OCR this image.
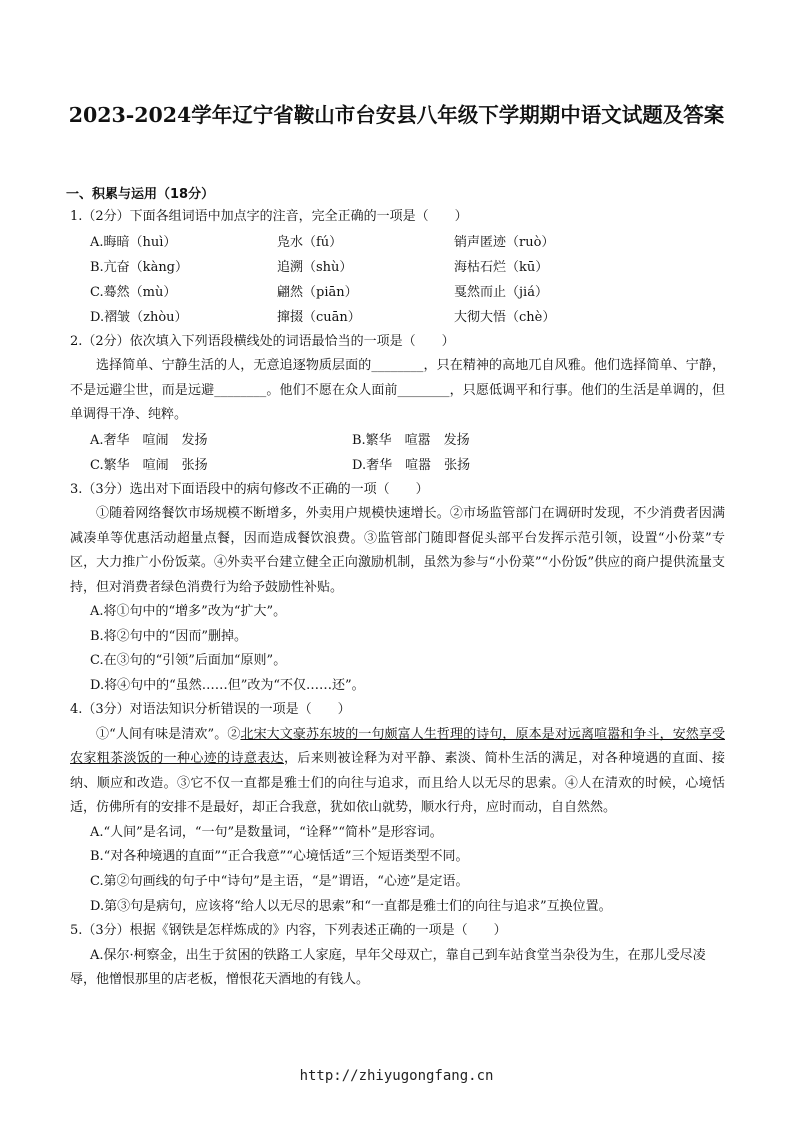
2023-2024学年辽宁省鞍山市台安县八年级下学期期中语文试题及答案
一、积累与运用（18分）

1.（2分）下面各组词语中加点字的注音，完全正确的一项是（　　）

A.晦暗（huì）	凫水（fú）	销声匿迹（ruò）
B.亢奋（kàng）	追溯（shù）	海枯石烂（kū）
C.蓦然（mù）	翩然（piān）	戛然而止（jiá）
D.褶皱（zhòu）	撺掇（cuān）	大彻大悟（chè）

2.（2分）依次填入下列语段横线处的词语最恰当的一项是（　　）

选择简单、宁静生活的人，无意追逐物质层面的________，只在精神的高地兀自风雅。他们选择简单、宁静，不是远避尘世，而是远避________。他们不愿在众人面前________，只愿低调平和行事。他们的生活是单调的，但单调得干净、纯粹。

A.奢华　喧闹　发扬	B.繁华　喧嚣　发扬
C.繁华　喧闹　张扬	D.奢华　喧嚣　张扬

3.（3分）选出对下面语段中的病句修改不正确的一项（　　）

①随着网络餐饮市场规模不断增多，外卖用户规模快速增长。②市场监管部门在调研时发现，不少消费者因满减凑单等优惠活动超量点餐，因而造成餐饮浪费。③监管部门随即督促头部平台发挥示范引领，设置“小份菜”专区，大力推广小份饭菜。④外卖平台建立健全正向激励机制，虽然为参与“小份菜”“小份饭”供应的商户提供流量支持，但对消费者绿色消费行为给予鼓励性补贴。

A.将①句中的“增多”改为“扩大”。

B.将②句中的“因而”删掉。

C.在③句的“引领”后面加“原则”。

D.将④句中的“虽然……但”改为“不仅……还”。

4.（3分）对语法知识分析错误的一项是（　　）

①“人间有味是清欢”。②北宋大文豪苏东坡的一句颇富人生哲理的诗句，原本是对远离喧嚣和争斗，安然享受农家粗茶淡饭的一种心迹的诗意表达，后来则被诠释为对平静、素淡、简朴生活的满足，对各种境遇的直面、接纳、顺应和改造。③它不仅一直都是雅士们的向往与追求，而且给人以无尽的思索。④人在清欢的时候，心境恬适，仿佛所有的安排不是最好，却正合我意，犹如依山就势，顺水行舟，应时而动，自自然然。

A.“人间”是名词，“一句”是数量词，“诠释”“简朴”是形容词。

B.“对各种境遇的直面”“正合我意”“心境恬适”三个短语类型不同。

C.第②句画线的句子中“诗句”是主语，“是”谓语，“心迹”是定语。

D.第③句是病句，应该将“给人以无尽的思索”和“一直都是雅士们的向往与追求”互换位置。

5.（3分）根据《钢铁是怎样炼成的》内容，下列表述正确的一项是（　　）

A.保尔·柯察金，出生于贫困的铁路工人家庭，早年父母双亡，靠自己到车站食堂当杂役为生，在那儿受尽凌辱，他憎恨那里的店老板，憎恨花天酒地的有钱人。

http://zhiyugongfang.cn
